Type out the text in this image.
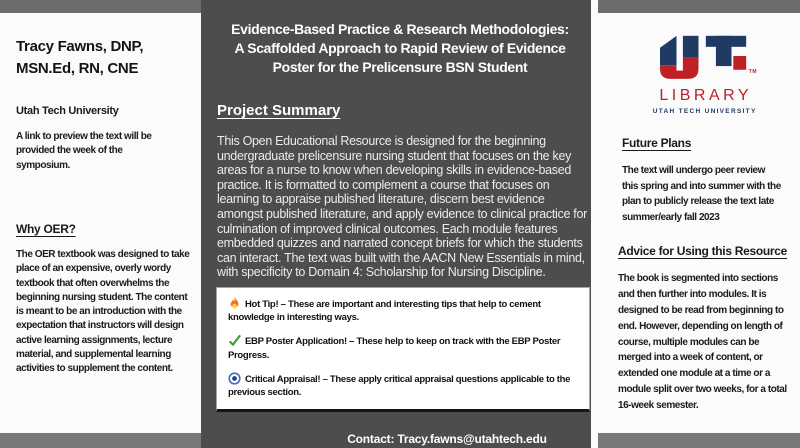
Tracy Fawns, DNP, MSN.Ed, RN, CNE
Utah Tech University
A link to preview the text will be provided the week of the symposium.
Why OER?
The OER textbook was designed to take place of an expensive, overly wordy textbook that often overwhelms the beginning nursing student. The content is meant to be an introduction with the expectation that instructors will design active learning assignments, lecture material, and supplemental learning activities to supplement the content.
Evidence-Based Practice & Research Methodologies:
A Scaffolded Approach to Rapid Review of Evidence
Poster for the Prelicensure BSN Student
Project Summary
This Open Educational Resource is designed for the beginning undergraduate prelicensure nursing student that focuses on the key areas for a nurse to know when developing skills in evidence-based practice. It is formatted to complement a course that focuses on learning to appraise published literature, discern best evidence amongst published literature, and apply evidence to clinical practice for culmination of improved clinical outcomes. Each module features embedded quizzes and narrated concept briefs for which the students can interact. The text was built with the AACN New Essentials in mind, with specificity to Domain 4: Scholarship for Nursing Discipline.
Hot Tip! – These are important and interesting tips that help to cement knowledge in interesting ways.
EBP Poster Application! – These help to keep on track with the EBP Poster Progress.
Critical Appraisal! – These apply critical appraisal questions applicable to the previous section.
Contact: Tracy.fawns@utahtech.edu
TM
LIBRARY
UTAH TECH UNIVERSITY
Future Plans
The text will undergo peer review this spring and into summer with the plan to publicly release the text late summer/early fall 2023
Advice for Using this Resource
The book is segmented into sections and then further into modules. It is designed to be read from beginning to end. However, depending on length of course, multiple modules can be merged into a week of content, or extended one module at a time or a module split over two weeks, for a total 16-week semester.
